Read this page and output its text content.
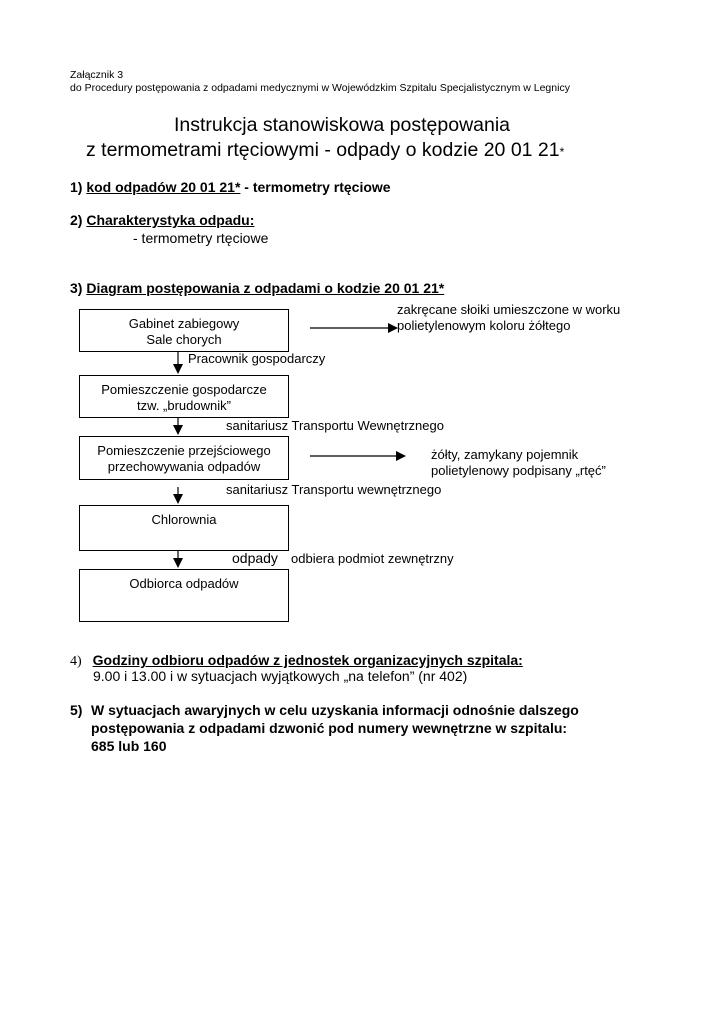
Załącznik 3
do Procedury postępowania z odpadami medycznymi w Wojewódzkim Szpitalu Specjalistycznym w Legnicy
Instrukcja stanowiskowa postępowania
z termometrami rtęciowymi - odpady o kodzie 20 01 21*
1) kod odpadów 20 01 21* - termometry rtęciowe
2) Charakterystyka odpadu:
- termometry rtęciowe
3) Diagram postępowania z odpadami o kodzie 20 01 21*
Gabinet zabiegowy
Sale chorych
Pomieszczenie gospodarcze
tzw. „brudownik”
Pomieszczenie przejściowego
przechowywania odpadów
Chlorownia
Odbiorca odpadów
zakręcane słoiki umieszczone w worku
polietylenowym koloru żółtego
Pracownik gospodarczy
sanitariusz Transportu Wewnętrznego
żółty, zamykany pojemnik
polietylenowy podpisany „rtęć”
sanitariusz Transportu wewnętrznego
odpady odbiera podmiot zewnętrzny
4) Godziny odbioru odpadów z jednostek organizacyjnych szpitala:
9.00 i 13.00 i w sytuacjach wyjątkowych „na telefon” (nr 402)
5) W sytuacjach awaryjnych w celu uzyskania informacji odnośnie dalszego
postępowania z odpadami dzwonić pod numery wewnętrzne w szpitalu:
685 lub 160
